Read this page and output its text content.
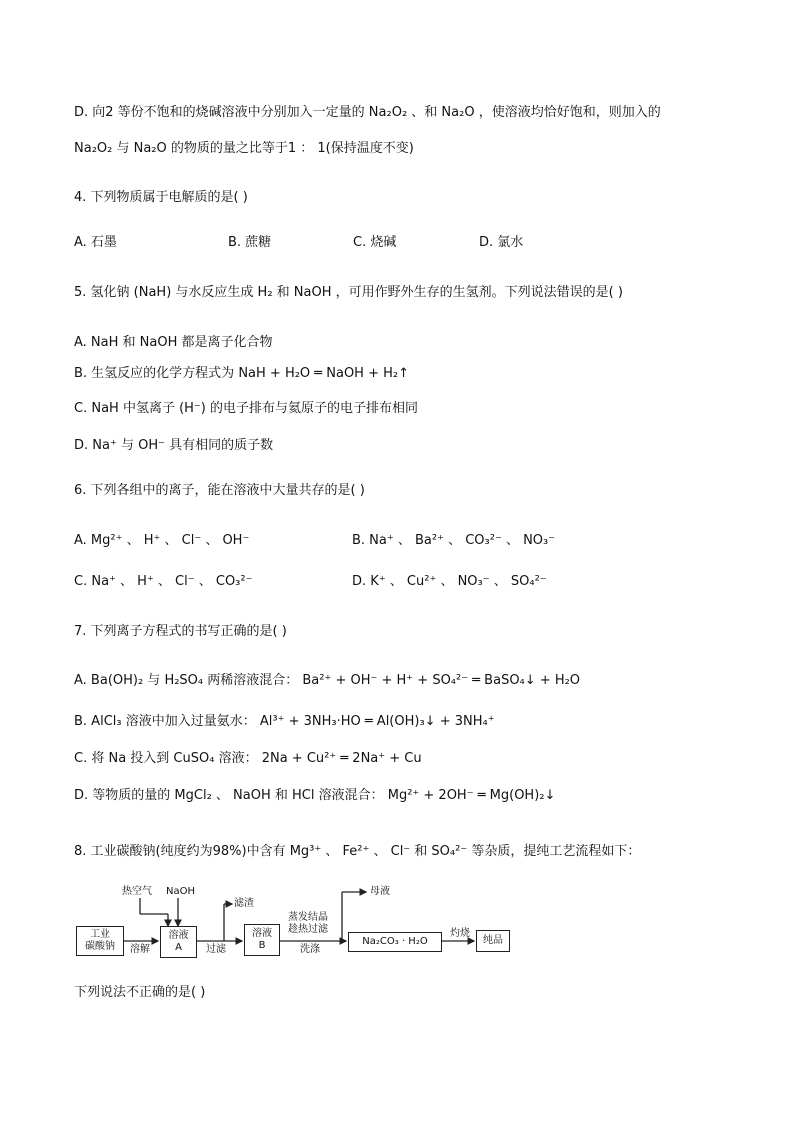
D. 向2 等份不饱和的烧碱溶液中分别加入一定量的 Na₂O₂ 、和 Na₂O ，使溶液均恰好饱和，则加入的
Na₂O₂ 与 Na₂O 的物质的量之比等于1 ： 1(保持温度不变)
4. 下列物质属于电解质的是( )
A. 石墨	B. 蔗糖	C. 烧碱	D. 氯水
5. 氢化钠 (NaH) 与水反应生成 H₂ 和 NaOH ，可用作野外生存的生氢剂。下列说法错误的是( )
A. NaH 和 NaOH 都是离子化合物
B. 生氢反应的化学方程式为 NaH + H₂O ═ NaOH + H₂↑
C. NaH 中氢离子 (H⁻) 的电子排布与氦原子的电子排布相同
D. Na⁺ 与 OH⁻ 具有相同的质子数
6. 下列各组中的离子，能在溶液中大量共存的是( )
A. Mg²⁺ 、 H⁺ 、 Cl⁻ 、 OH⁻	B. Na⁺ 、 Ba²⁺ 、 CO₃²⁻ 、 NO₃⁻
C. Na⁺ 、 H⁺ 、 Cl⁻ 、 CO₃²⁻	D. K⁺ 、 Cu²⁺ 、 NO₃⁻ 、 SO₄²⁻
7. 下列离子方程式的书写正确的是( )
A. Ba(OH)₂ 与 H₂SO₄ 两稀溶液混合： Ba²⁺ + OH⁻ + H⁺ + SO₄²⁻ ═ BaSO₄↓ + H₂O
B. AlCl₃ 溶液中加入过量氨水： Al³⁺ + 3NH₃·HO ═ Al(OH)₃↓ + 3NH₄⁺
C. 将 Na 投入到 CuSO₄ 溶液： 2Na + Cu²⁺ ═ 2Na⁺ + Cu
D. 等物质的量的 MgCl₂ 、 NaOH 和 HCl 溶液混合： Mg²⁺ + 2OH⁻ ═ Mg(OH)₂↓
8. 工业碳酸钠(纯度约为98%)中含有 Mg³⁺ 、 Fe²⁺ 、 Cl⁻ 和 SO₄²⁻ 等杂质，提纯工艺流程如下：
热空气 NaOH
滤渣
母液
工业
碳酸钠	溶解
溶液
A	过滤
溶液
B
蒸发结晶
趁热过滤
洗涤
Na₂CO₃ · H₂O
灼烧
纯品
下列说法不正确的是( )
